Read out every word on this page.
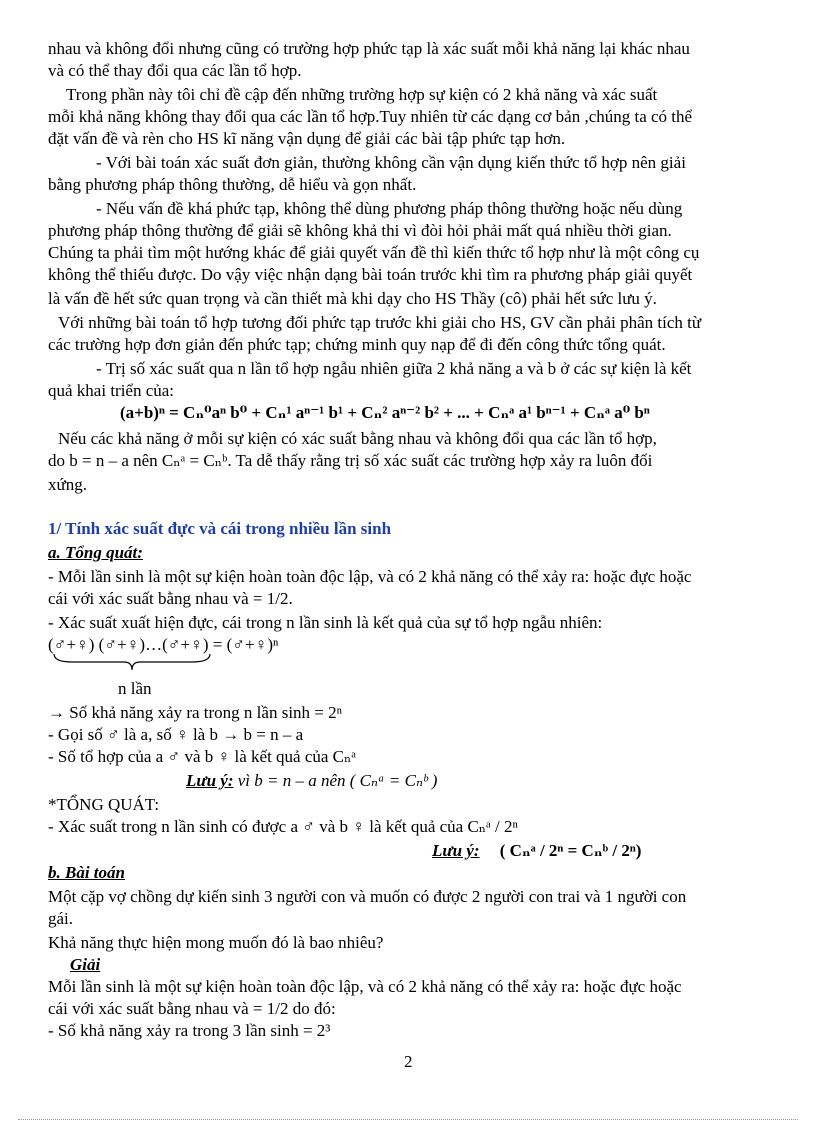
nhau và không đổi nhưng cũng có trường hợp phức tạp là xác suất mỗi khả năng lại khác nhau
và có thể thay đổi qua các lần tổ hợp.
Trong phần này tôi chỉ đề cập đến những trường hợp sự kiện có 2 khả năng và xác suất
mỗi khả năng không thay đổi qua các lần tổ hợp.Tuy nhiên từ các dạng cơ bản ,chúng ta có thể
đặt vấn đề và rèn cho HS kĩ năng vận dụng để giải các bài tập phức tạp hơn.
- Với bài toán xác suất đơn giản, thường không cần vận dụng kiến thức tổ hợp nên giải
bằng phương pháp thông thường, dễ hiểu và gọn nhất.
- Nếu vấn đề khá phức tạp, không thể dùng phương pháp thông thường hoặc nếu dùng
phương pháp thông thường để giải sẽ không khả thi vì đòi hỏi phải mất quá nhiều thời gian.
Chúng ta phải tìm một hướng khác để giải quyết vấn đề thì kiến thức tổ hợp như là một công cụ
không thể thiếu được. Do vậy việc nhận dạng bài toán trước khi tìm ra phương pháp giải quyết
là vấn đề hết sức quan trọng và cần thiết mà khi dạy cho HS Thầy (cô) phải hết sức lưu ý.
Với những bài toán tổ hợp tương đối phức tạp trước khi giải cho HS, GV cần phải phân tích từ
các trường hợp đơn giản đến phức tạp; chứng minh quy nạp để đi đến công thức tổng quát.
- Trị số xác suất qua n lần tổ hợp ngẫu nhiên giữa 2 khả năng a và b ở các sự kiện là kết
quả khai triển của:
(a+b)ⁿ = Cₙ⁰aⁿ b⁰ + Cₙ¹ aⁿ⁻¹ b¹ + Cₙ² aⁿ⁻² b² + ... + Cₙᵃ a¹ bⁿ⁻¹ + Cₙᵃ a⁰ bⁿ
Nếu các khả năng ở mỗi sự kiện có xác suất bằng nhau và không đổi qua các lần tổ hợp,
do b = n – a nên Cₙᵃ = Cₙᵇ. Ta dễ thấy rằng trị số xác suất các trường hợp xảy ra luôn đối
xứng.
1/ Tính xác suất đực và cái trong nhiều lần sinh
a. Tổng quát:
- Mỗi lần sinh là một sự kiện hoàn toàn độc lập, và có 2 khả năng có thể xảy ra: hoặc đực hoặc
cái với xác suất bằng nhau và = 1/2.
- Xác suất xuất hiện đực, cái trong n lần sinh là kết quả của sự tổ hợp ngẫu nhiên:
(♂+♀) (♂+♀)…(♂+♀) = (♂+♀)ⁿ
n lần
→ Số khả năng xảy ra trong n lần sinh = 2ⁿ
- Gọi số ♂ là a, số ♀ là b → b = n – a
- Số tổ hợp của a ♂ và b ♀ là kết quả của Cₙᵃ
Lưu ý: vì b = n – a nên ( Cₙᵃ = Cₙᵇ )
*TỔNG QUÁT:
- Xác suất trong n lần sinh có được a ♂ và b ♀ là kết quả của Cₙᵃ / 2ⁿ
Lưu ý: ( Cₙᵃ / 2ⁿ = Cₙᵇ / 2ⁿ)
b. Bài toán
Một cặp vợ chồng dự kiến sinh 3 người con và muốn có được 2 người con trai và 1 người con
gái.
Khả năng thực hiện mong muốn đó là bao nhiêu?
Giải
Mỗi lần sinh là một sự kiện hoàn toàn độc lập, và có 2 khả năng có thể xảy ra: hoặc đực hoặc
cái với xác suất bằng nhau và = 1/2 do đó:
- Số khả năng xảy ra trong 3 lần sinh = 2³
2
